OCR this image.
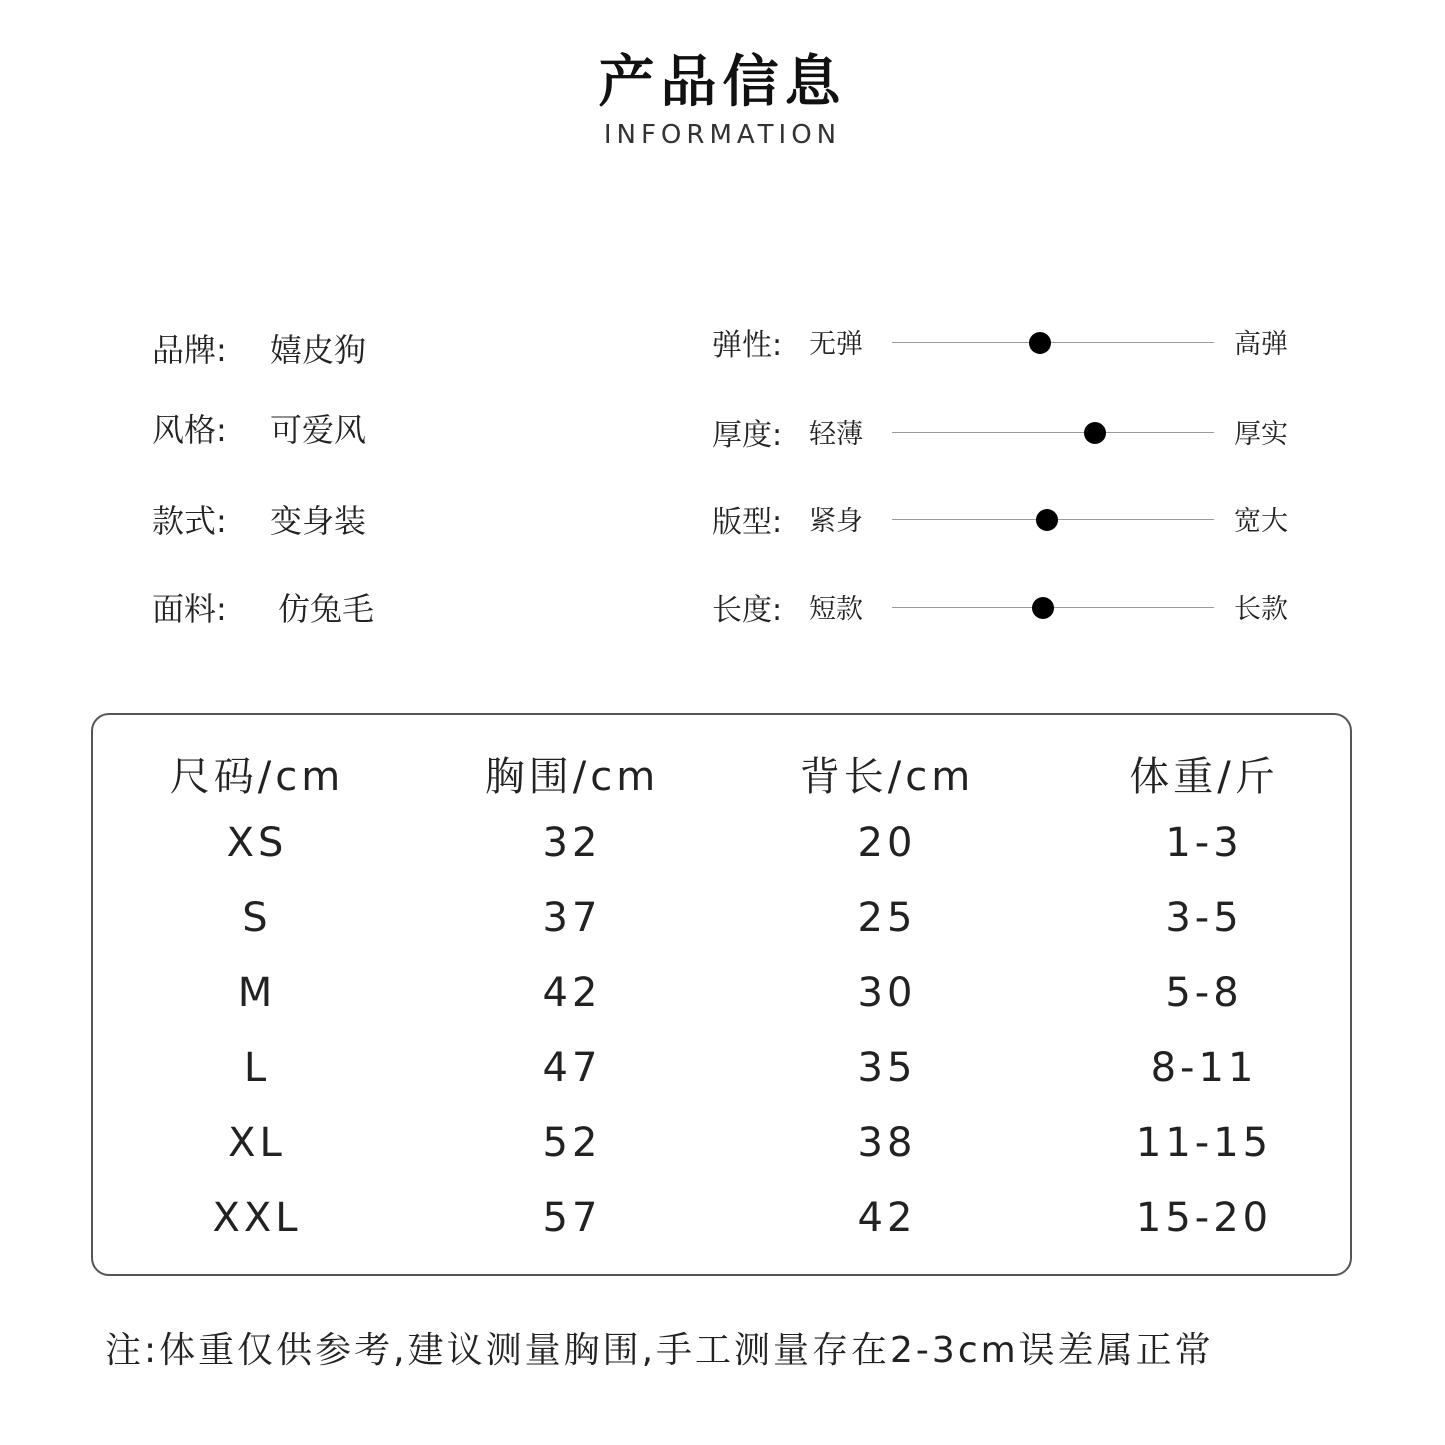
产品信息
INFORMATION
品牌: 嬉皮狗
风格: 可爱风
款式: 变身装
面料: 仿兔毛
弹性: 无弹	高弹
厚度: 轻薄	厚实
版型: 紧身	宽大
长度: 短款	长款
尺码/cm	胸围/cm	背长/cm	体重/斤
XS	32	20	1-3
S	37	25	3-5
M	42	30	5-8
L	47	35	8-11
XL	52	38	11-15
XXL	57	42	15-20
注:体重仅供参考,建议测量胸围,手工测量存在2-3cm误差属正常
